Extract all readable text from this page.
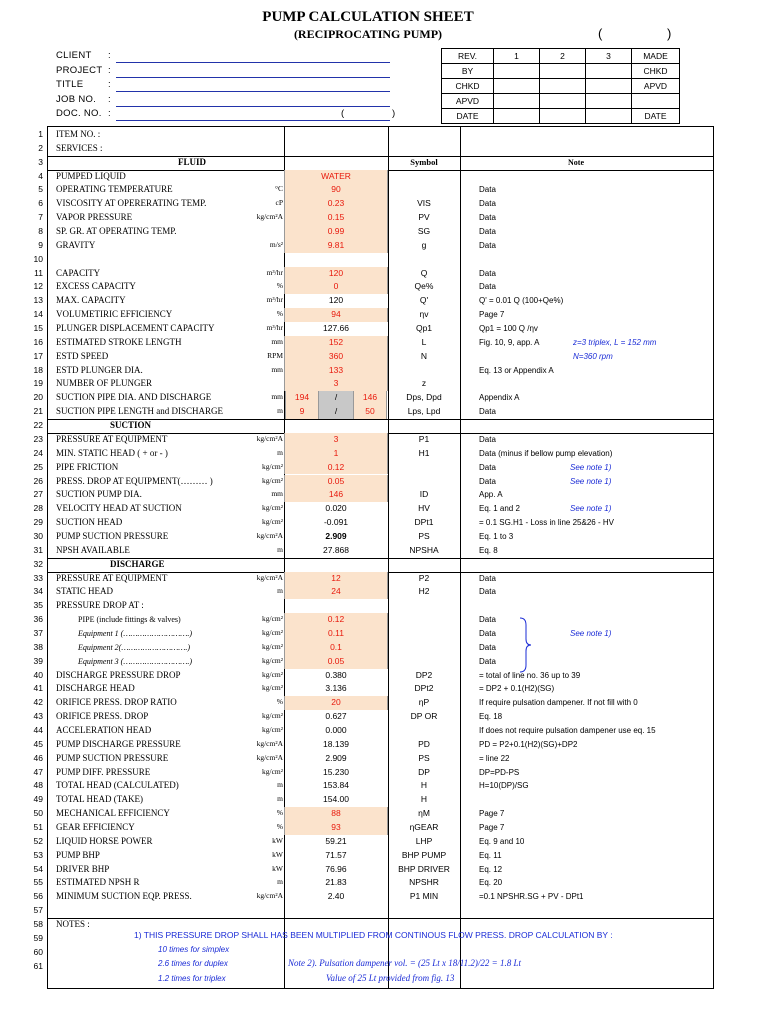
PUMP CALCULATION SHEET
(RECIPROCATING PUMP)	(	)
CLIENT :
PROJECT :
TITLE	:
JOB NO. :
DOC. NO. :	(	)
REV.	1	2	3	MADE
BY				CHKD
CHKD				APVD
APVD				
DATE				DATE
1 ITEM NO. :
2 SERVICES :
3	FLUID	Symbol	Note
4 PUMPED LIQUID	WATER
5 OPERATING TEMPERATURE	°C	90	Data
6 VISCOSITY AT OPERERATING TEMP.	cP	0.23	VIS	Data
7 VAPOR PRESSURE	kg/cm²A	0.15	PV	Data
8 SP. GR. AT OPERATING TEMP.	0.99	SG	Data
9 GRAVITY	m/s²	9.81	g	Data
10
11 CAPACITY	m³/hr	120	Q	Data
12 EXCESS CAPACITY	%	0	Qe%	Data
13 MAX. CAPACITY	m³/hr	120	Q'	Q' = 0.01 Q (100+Qe%)
14 VOLUMETIRIC EFFICIENCY	%	94	ηv	Page 7
15 PLUNGER DISPLACEMENT CAPACITY	m³/hr	127.66	Qp1	Qp1 = 100 Q /ηv
16 ESTIMATED STROKE LENGTH	mm	152	L	Fig. 10, 9, app. A	z=3 triplex, L = 152 mm
17 ESTD SPEED	RPM	360	N	N=360 rpm
18 ESTD PLUNGER DIA.	mm	133	Eq. 13 or Appendix A
19 NUMBER OF PLUNGER	3	z
20 SUCTION PIPE DIA. AND DISCHARGE	mm	194	/	146	Dps, Dpd	Appendix A
21 SUCTION PIPE LENGTH and DISCHARGE	m	9	/	50	Lps, Lpd	Data
22	SUCTION
23 PRESSURE AT EQUIPMENT	kg/cm²A	3	P1	Data
24 MIN. STATIC HEAD ( + or - )	m	1	H1	Data (minus if bellow pump elevation)
25 PIPE FRICTION	kg/cm²	0.12	Data	See note 1)
26 PRESS. DROP AT EQUIPMENT(……… )	kg/cm²	0.05	Data	See note 1)
27 SUCTION PUMP DIA.	mm	146	ID	App. A
28 VELOCITY HEAD AT SUCTION	kg/cm²	0.020	HV	Eq. 1 and 2	See note 1)
29 SUCTION HEAD	kg/cm²	-0.091	DPt1	= 0.1 SG.H1 - Loss in line 25&26 - HV
30 PUMP SUCTION PRESSURE	kg/cm²A	2.909	PS	Eq. 1 to 3
31 NPSH AVAILABLE	m	27.868	NPSHA	Eq. 8
32	DISCHARGE
33 PRESSURE AT EQUIPMENT	kg/cm²A	12	P2	Data
34 STATIC HEAD	m	24	H2	Data
35 PRESSURE DROP AT :
36	PIPE (include fittings & valves)	kg/cm²	0.12	Data
37	Equipment 1 (……………………….)	kg/cm²	0.11	Data	See note 1)
38	Equipment 2(……………………….)	kg/cm²	0.1	Data
39	Equipment 3 (……………………….)	kg/cm²	0.05	Data
40 DISCHARGE PRESSURE DROP	kg/cm²	0.380	DP2	= total of line no. 36 up to 39
41 DISCHARGE HEAD	kg/cm²	3.136	DPt2	= DP2 + 0.1(H2)(SG)
42 ORIFICE PRESS. DROP RATIO	%	20	ηP	If require pulsation dampener. If not fill with 0
43 ORIFICE PRESS. DROP	kg/cm²	0.627	DP OR	Eq. 18
44 ACCELERATION HEAD	kg/cm²	0.000	If does not require pulsation dampener use eq. 15
45 PUMP DISCHARGE PRESSURE	kg/cm²A	18.139	PD	PD = P2+0.1(H2)(SG)+DP2
46 PUMP SUCTION PRESSURE	kg/cm²A	2.909	PS	= line 22
47 PUMP DIFF. PRESSURE	kg/cm²	15.230	DP	DP=PD-PS
48 TOTAL HEAD (CALCULATED)	m	153.84	H	H=10(DP)/SG
49 TOTAL HEAD (TAKE)	m	154.00	H
50 MECHANICAL EFFICIENCY	%	88	ηM	Page 7
51 GEAR EFFICIENCY	%	93	ηGEAR	Page 7
52 LIQUID HORSE POWER	kW	59.21	LHP	Eq. 9 and 10
53 PUMP BHP	kW	71.57	BHP PUMP	Eq. 11
54 DRIVER BHP	kW	76.96	BHP DRIVER	Eq. 12
55 ESTIMATED NPSH R	m	21.83	NPSHR	Eq. 20
56 MINIMUM SUCTION EQP. PRESS.	kg/cm²A	2.40	P1 MIN	=0.1 NPSHR.SG + PV - DPt1
57
58 NOTES :
59
60
61
1) THIS PRESSURE DROP SHALL HAS BEEN MULTIPLIED FROM CONTINOUS FLOW PRESS. DROP CALCULATION BY :
10 times for simplex
2.6 times for duplex	Note 2). Pulsation dampener vol. = (25 Lt x 18/11.2)/22 = 1.8 Lt
1.2 times for triplex	Value of 25 Lt provided from fig. 13
